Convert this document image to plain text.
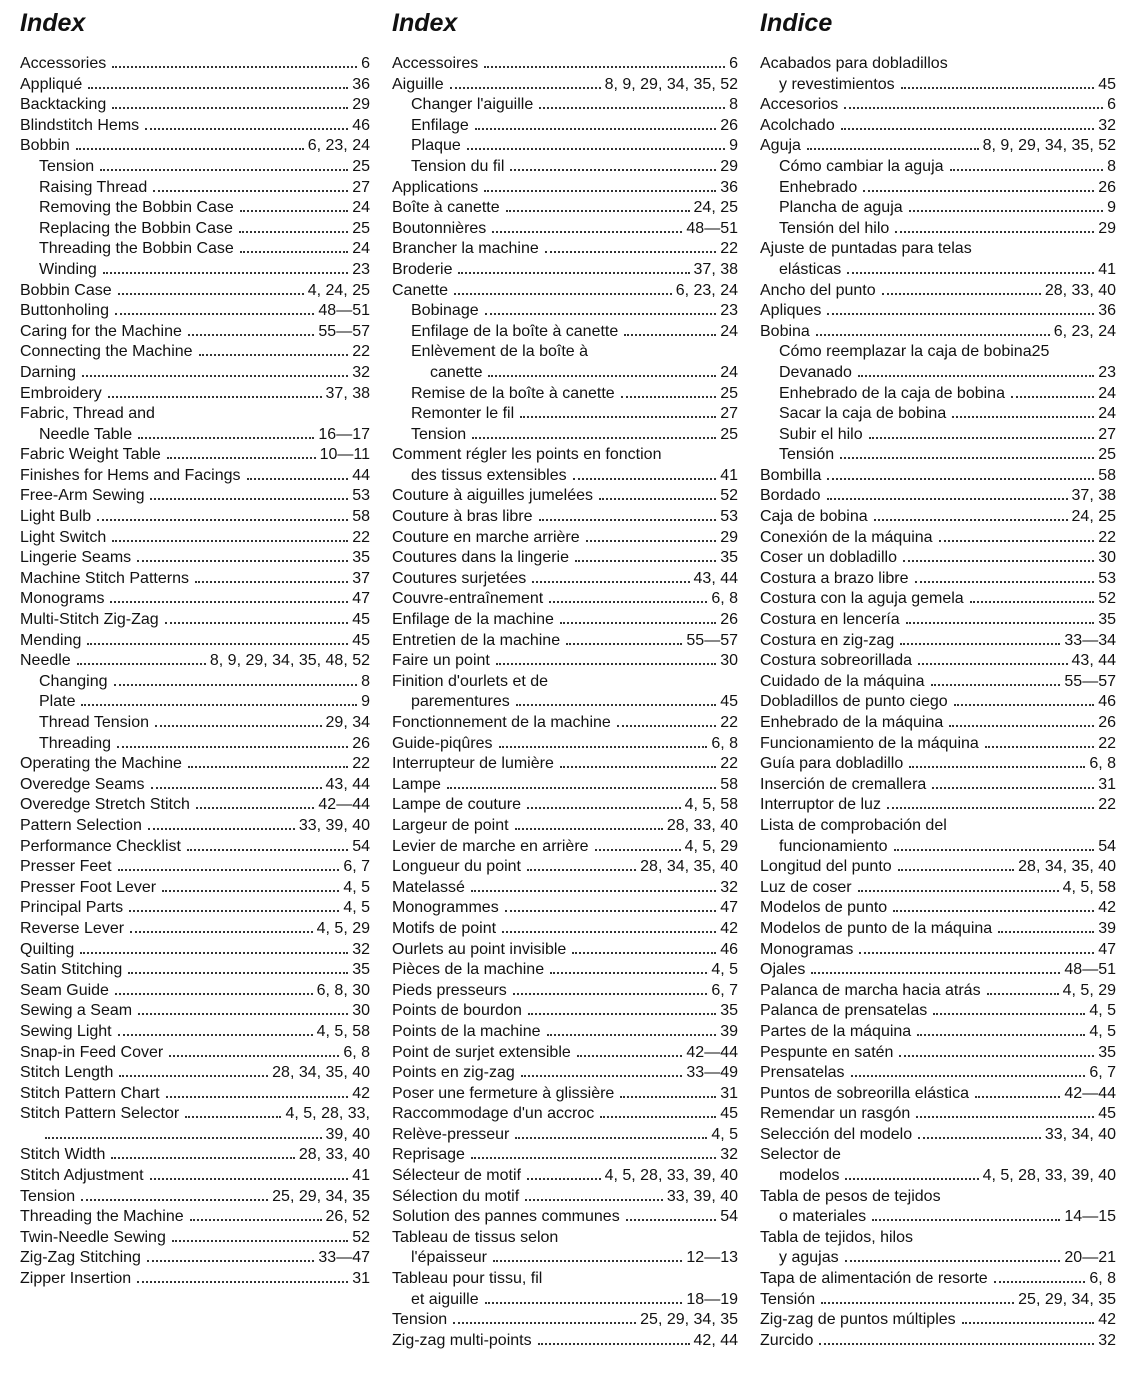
Index
Accessories	6
Appliqué	36
Backtacking	29
Blindstitch Hems	46
Bobbin	6, 23, 24
Tension	25
Raising Thread	27
Removing the Bobbin Case	24
Replacing the Bobbin Case	25
Threading the Bobbin Case	24
Winding	23
Bobbin Case	4, 24, 25
Buttonholing	48—51
Caring for the Machine	55—57
Connecting the Machine	22
Darning	32
Embroidery	37, 38
Fabric, Thread and
Needle Table	16—17
Fabric Weight Table	10—11
Finishes for Hems and Facings	44
Free-Arm Sewing	53
Light Bulb	58
Light Switch	22
Lingerie Seams	35
Machine Stitch Patterns	37
Monograms	47
Multi-Stitch Zig-Zag	45
Mending	45
Needle	8, 9, 29, 34, 35, 48, 52
Changing	8
Plate	9
Thread Tension	29, 34
Threading	26
Operating the Machine	22
Overedge Seams	43, 44
Overedge Stretch Stitch	42—44
Pattern Selection	33, 39, 40
Performance Checklist	54
Presser Feet	6, 7
Presser Foot Lever	4, 5
Principal Parts	4, 5
Reverse Lever	4, 5, 29
Quilting	32
Satin Stitching	35
Seam Guide	6, 8, 30
Sewing a Seam	30
Sewing Light	4, 5, 58
Snap-in Feed Cover	6, 8
Stitch Length	28, 34, 35, 40
Stitch Pattern Chart	42
Stitch Pattern Selector	4, 5, 28, 33,
39, 40
Stitch Width	28, 33, 40
Stitch Adjustment	41
Tension	25, 29, 34, 35
Threading the Machine	26, 52
Twin-Needle Sewing	52
Zig-Zag Stitching	33—47
Zipper Insertion	31
Index
Accessoires	6
Aiguille	8, 9, 29, 34, 35, 52
Changer l'aiguille	8
Enfilage	26
Plaque	9
Tension du fil	29
Applications	36
Boîte à canette	24, 25
Boutonnières	48—51
Brancher la machine	22
Broderie	37, 38
Canette	6, 23, 24
Bobinage	23
Enfilage de la boîte à canette	24
Enlèvement de la boîte à
canette	24
Remise de la boîte à canette	25
Remonter le fil	27
Tension	25
Comment régler les points en fonction
des tissus extensibles	41
Couture à aiguilles jumelées	52
Couture à bras libre	53
Couture en marche arrière	29
Coutures dans la lingerie	35
Coutures surjetées	43, 44
Couvre-entraînement	6, 8
Enfilage de la machine	26
Entretien de la machine	55—57
Faire un point	30
Finition d'ourlets et de
parementures	45
Fonctionnement de la machine	22
Guide-piqûres	6, 8
Interrupteur de lumière	22
Lampe	58
Lampe de couture	4, 5, 58
Largeur de point	28, 33, 40
Levier de marche en arrière	4, 5, 29
Longueur du point	28, 34, 35, 40
Matelassé	32
Monogrammes	47
Motifs de point	42
Ourlets au point invisible	46
Pièces de la machine	4, 5
Pieds presseurs	6, 7
Points de bourdon	35
Points de la machine	39
Point de surjet extensible	42—44
Points en zig-zag	33—49
Poser une fermeture à glissière	31
Raccommodage d'un accroc	45
Relève-presseur	4, 5
Reprisage	32
Sélecteur de motif	4, 5, 28, 33, 39, 40
Sélection du motif	33, 39, 40
Solution des pannes communes	54
Tableau de tissus selon
l'épaisseur	12—13
Tableau pour tissu, fil
et aiguille	18—19
Tension	25, 29, 34, 35
Zig-zag multi-points	42, 44
Indice
Acabados para dobladillos
y revestimientos	45
Accesorios	6
Acolchado	32
Aguja	8, 9, 29, 34, 35, 52
Cómo cambiar la aguja	8
Enhebrado	26
Plancha de aguja	9
Tensión del hilo	29
Ajuste de puntadas para telas
elásticas	41
Ancho del punto	28, 33, 40
Apliques	36
Bobina	6, 23, 24
Cómo reemplazar la caja de bobina 25
Devanado	23
Enhebrado de la caja de bobina	24
Sacar la caja de bobina	24
Subir el hilo	27
Tensión	25
Bombilla	58
Bordado	37, 38
Caja de bobina	24, 25
Conexión de la máquina	22
Coser un dobladillo	30
Costura a brazo libre	53
Costura con la aguja gemela	52
Costura en lencería	35
Costura en zig-zag	33—34
Costura sobreorillada	43, 44
Cuidado de la máquina	55—57
Dobladillos de punto ciego	46
Enhebrado de la máquina	26
Funcionamiento de la máquina	22
Guía para dobladillo	6, 8
Inserción de cremallera	31
Interruptor de luz	22
Lista de comprobación del
funcionamiento	54
Longitud del punto	28, 34, 35, 40
Luz de coser	4, 5, 58
Modelos de punto	42
Modelos de punto de la máquina	39
Monogramas	47
Ojales	48—51
Palanca de marcha hacia atrás	4, 5, 29
Palanca de prensatelas	4, 5
Partes de la máquina	4, 5
Pespunte en satén	35
Prensatelas	6, 7
Puntos de sobreorilla elástica	42—44
Remendar un rasgón	45
Selección del modelo	33, 34, 40
Selector de
modelos	4, 5, 28, 33, 39, 40
Tabla de pesos de tejidos
o materiales	14—15
Tabla de tejidos, hilos
y agujas	20—21
Tapa de alimentación de resorte	6, 8
Tensión	25, 29, 34, 35
Zig-zag de puntos múltiples	42
Zurcido	32
